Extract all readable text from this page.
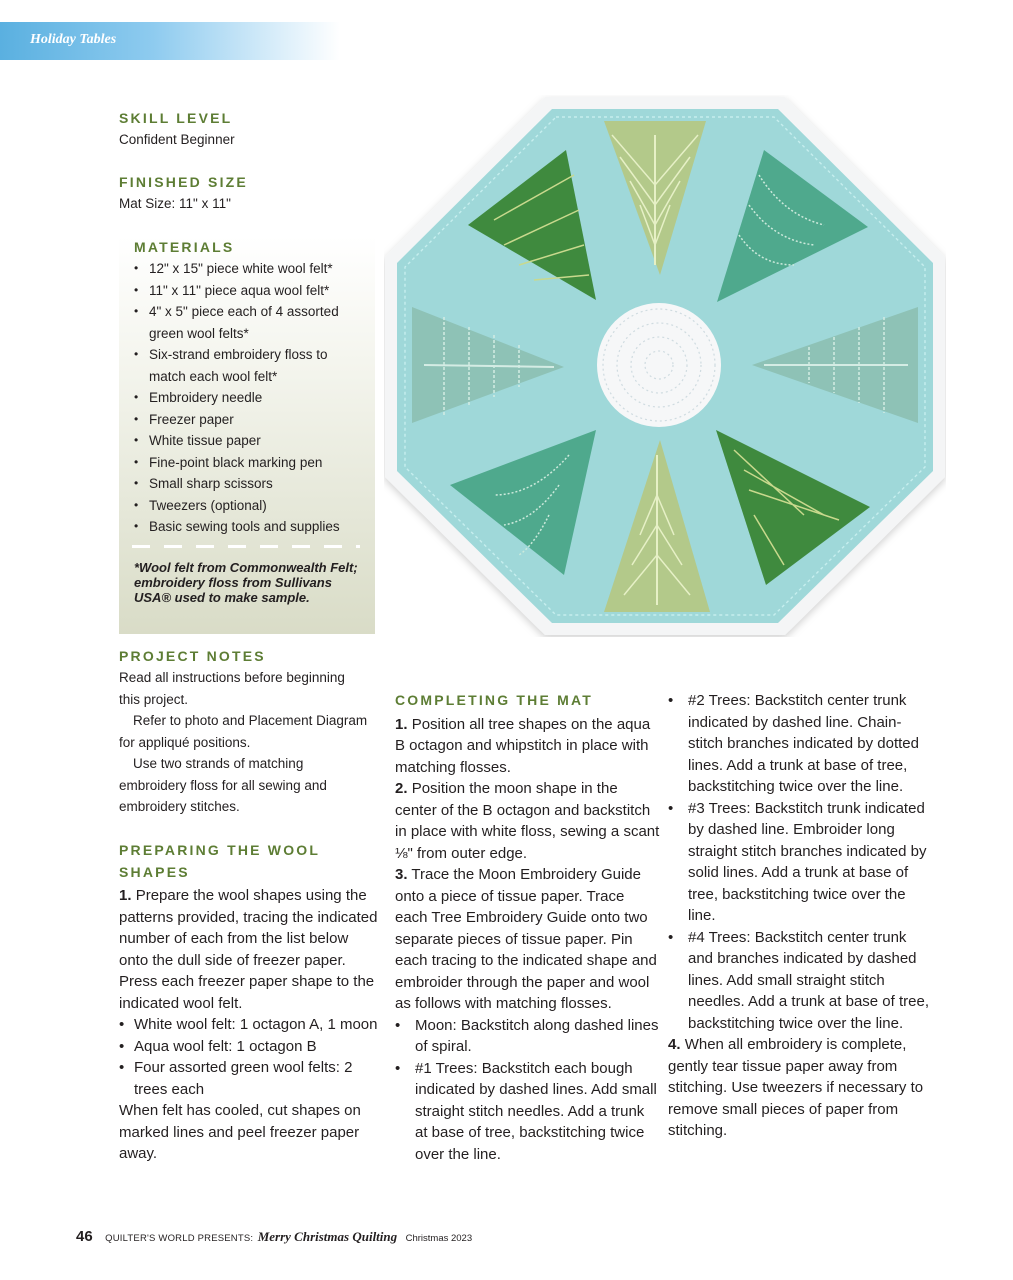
Holiday Tables
SKILL LEVEL
Confident Beginner
FINISHED SIZE
Mat Size: 11" x 11"
MATERIALS
• 12" x 15" piece white wool felt*
• 11" x 11" piece aqua wool felt*
• 4" x 5" piece each of 4 assorted green wool felts*
• Six-strand embroidery floss to match each wool felt*
• Embroidery needle
• Freezer paper
• White tissue paper
• Fine-point black marking pen
• Small sharp scissors
• Tweezers (optional)
• Basic sewing tools and supplies
*Wool felt from Commonwealth Felt; embroidery floss from Sullivans USA® used to make sample.
PROJECT NOTES

Read all instructions before beginning this project.

Refer to photo and Placement Diagram for appliqué positions.

Use two strands of matching embroidery floss for all sewing and embroidery stitches.

PREPARING THE WOOL SHAPES

1. Prepare the wool shapes using the patterns provided, tracing the indicated number of each from the list below onto the dull side of freezer paper. Press each freezer paper shape to the indicated wool felt.

• White wool felt: 1 octagon A, 1 moon
• Aqua wool felt: 1 octagon B
• Four assorted green wool felts: 2 trees each

When felt has cooled, cut shapes on marked lines and peel freezer paper away.

COMPLETING THE MAT

1. Position all tree shapes on the aqua B octagon and whipstitch in place with matching flosses.

2. Position the moon shape in the center of the B octagon and backstitch in place with white floss, sewing a scant ⅛" from outer edge.

3. Trace the Moon Embroidery Guide onto a piece of tissue paper. Trace each Tree Embroidery Guide onto two separate pieces of tissue paper. Pin each tracing to the indicated shape and embroider through the paper and wool as follows with matching flosses.

• Moon: Backstitch along dashed lines of spiral.
• #1 Trees: Backstitch each bough indicated by dashed lines. Add small straight stitch needles. Add a trunk at base of tree, backstitching twice over the line.
• #2 Trees: Backstitch center trunk indicated by dashed line. Chain-stitch branches indicated by dotted lines. Add a trunk at base of tree, backstitching twice over the line.
• #3 Trees: Backstitch trunk indicated by dashed line. Embroider long straight stitch branches indicated by solid lines. Add a trunk at base of tree, backstitching twice over the line.
• #4 Trees: Backstitch center trunk and branches indicated by dashed lines. Add small straight stitch needles. Add a trunk at base of tree, backstitching twice over the line.

4. When all embroidery is complete, gently tear tissue paper away from stitching. Use tweezers if necessary to remove small pieces of paper from stitching.

46 QUILTER'S WORLD PRESENTS: Merry Christmas Quilting Christmas 2023
